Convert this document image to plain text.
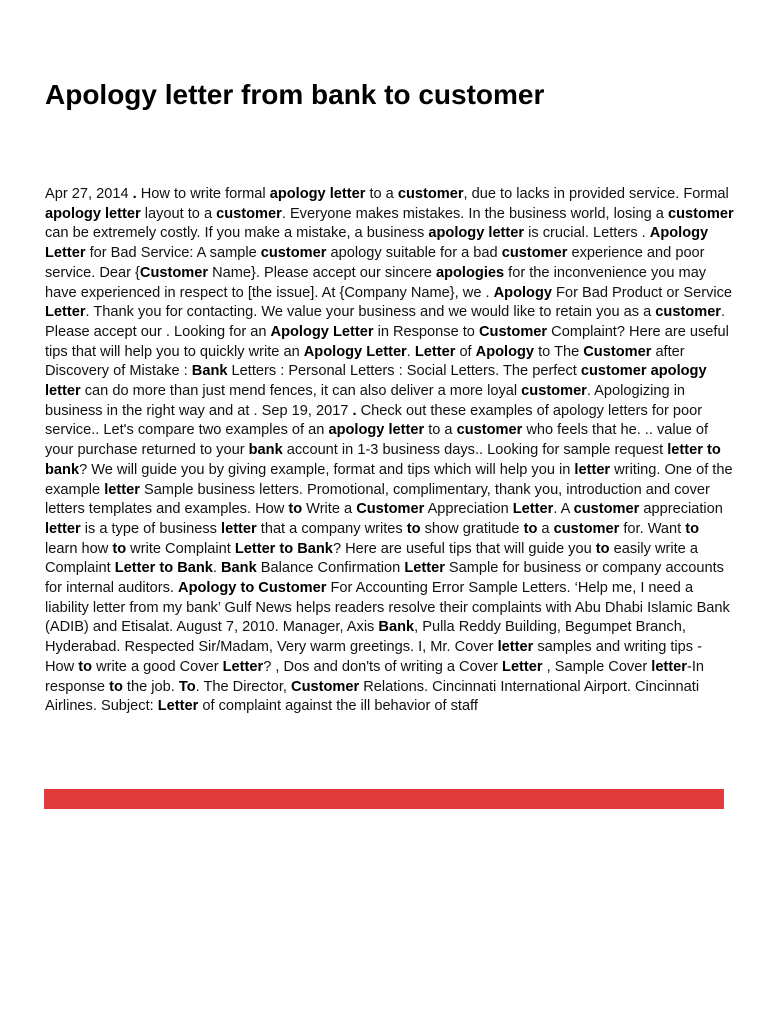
Apology letter from bank to customer

Apr 27, 2014 . How to write formal apology letter to a customer, due to lacks in provided service. Formal apology letter layout to a customer. Everyone makes mistakes. In the business world, losing a customer can be extremely costly. If you make a mistake, a business apology letter is crucial. Letters . Apology Letter for Bad Service: A sample customer apology suitable for a bad customer experience and poor service. Dear {Customer Name}. Please accept our sincere apologies for the inconvenience you may have experienced in respect to [the issue]. At {Company Name}, we . Apology For Bad Product or Service Letter. Thank you for contacting. We value your business and we would like to retain you as a customer. Please accept our . Looking for an Apology Letter in Response to Customer Complaint? Here are useful tips that will help you to quickly write an Apology Letter. Letter of Apology to The Customer after Discovery of Mistake : Bank Letters : Personal Letters : Social Letters. The perfect customer apology letter can do more than just mend fences, it can also deliver a more loyal customer. Apologizing in business in the right way and at . Sep 19, 2017 . Check out these examples of apology letters for poor service.. Let's compare two examples of an apology letter to a customer who feels that he. .. value of your purchase returned to your bank account in 1-3 business days.. Looking for sample request letter to bank? We will guide you by giving example, format and tips which will help you in letter writing. One of the example letter Sample business letters. Promotional, complimentary, thank you, introduction and cover letters templates and examples. How to Write a Customer Appreciation Letter. A customer appreciation letter is a type of business letter that a company writes to show gratitude to a customer for. Want to learn how to write Complaint Letter to Bank? Here are useful tips that will guide you to easily write a Complaint Letter to Bank. Bank Balance Confirmation Letter Sample for business or company accounts for internal auditors. Apology to Customer For Accounting Error Sample Letters. ‘Help me, I need a liability letter from my bank’ Gulf News helps readers resolve their complaints with Abu Dhabi Islamic Bank (ADIB) and Etisalat. August 7, 2010. Manager, Axis Bank, Pulla Reddy Building, Begumpet Branch, Hyderabad. Respected Sir/Madam, Very warm greetings. I, Mr. Cover letter samples and writing tips - How to write a good Cover Letter? , Dos and don'ts of writing a Cover Letter , Sample Cover letter-In response to the job. To. The Director, Customer Relations. Cincinnati International Airport. Cincinnati Airlines. Subject: Letter of complaint against the ill behavior of staff
